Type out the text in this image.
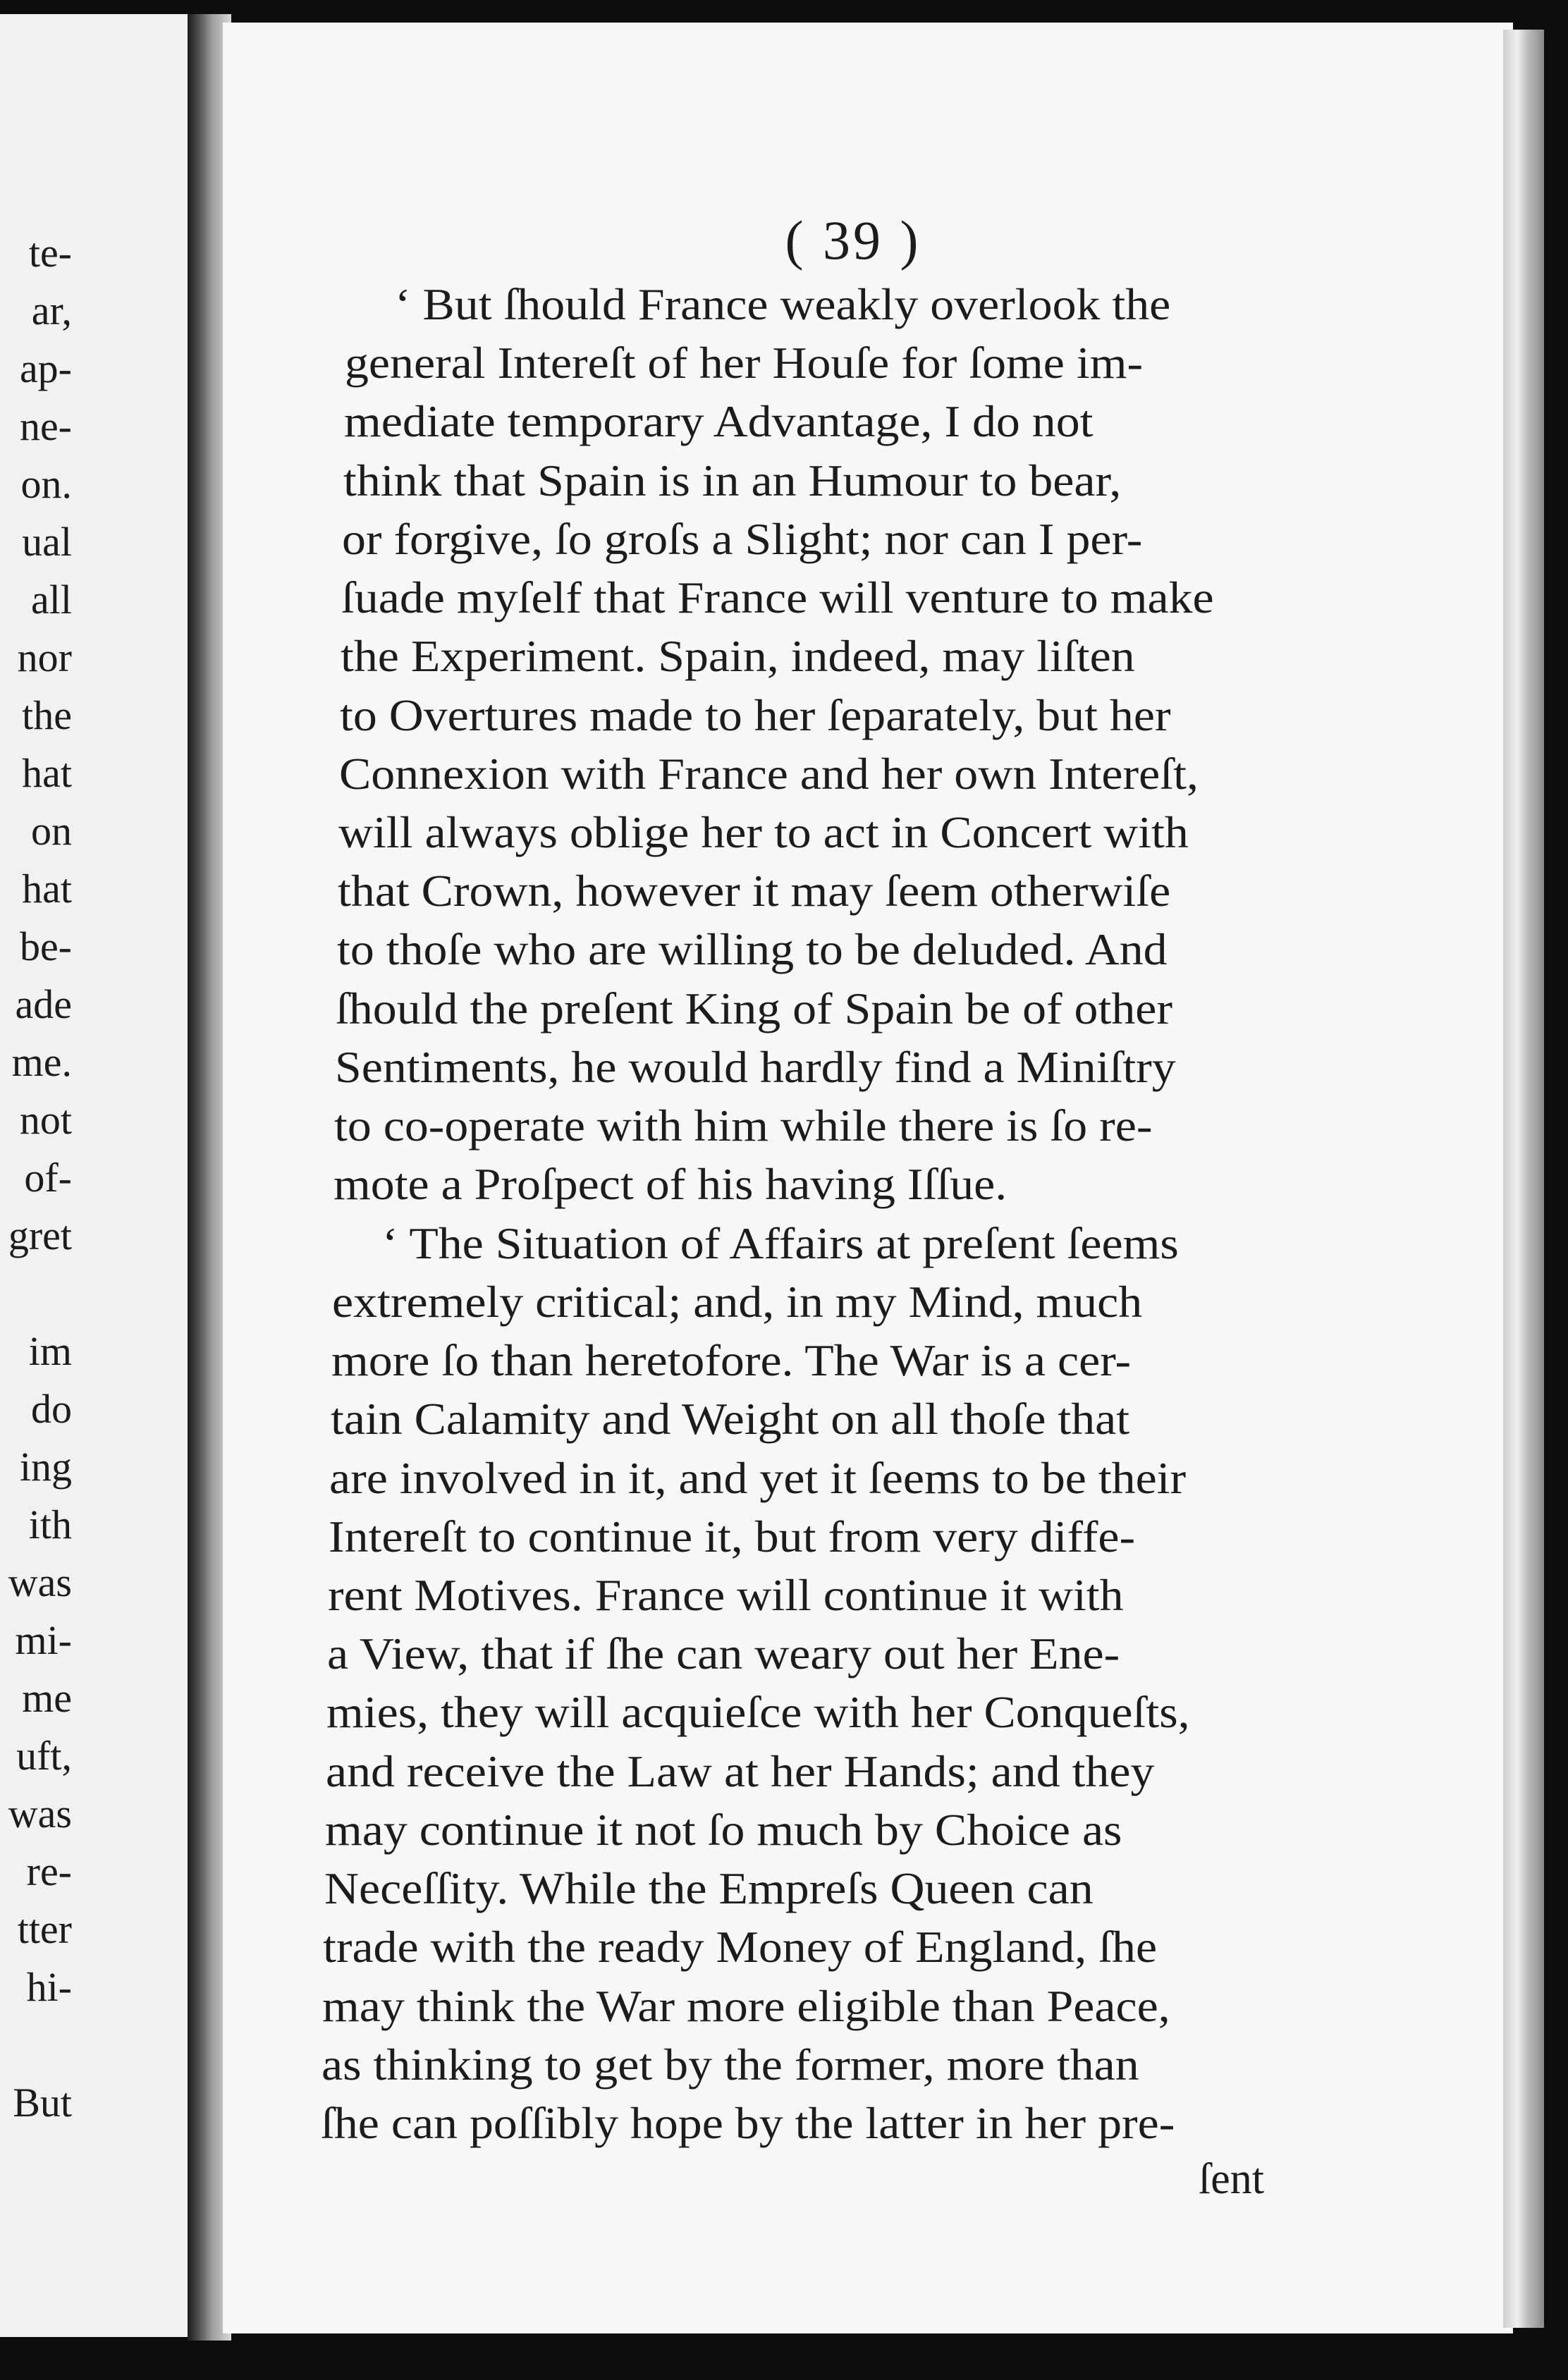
te-
ar,
ap-
ne-
on.
ual
all
nor
the
hat
on
hat
be-
ade
me.
not
of-
gret
im
do
ing
ith
was
mi-
me
uft,
was
re-
tter
hi-
But
( 39 )
‘ But ſhould France weakly overlook the
general Intereſt of her Houſe for ſome im-
mediate temporary Advantage, I do not
think that Spain is in an Humour to bear,
or forgive, ſo groſs a Slight; nor can I per-
ſuade myſelf that France will venture to make
the Experiment. Spain, indeed, may liſten
to Overtures made to her ſeparately, but her
Connexion with France and her own Intereſt,
will always oblige her to act in Concert with
that Crown, however it may ſeem otherwiſe
to thoſe who are willing to be deluded. And
ſhould the preſent King of Spain be of other
Sentiments, he would hardly find a Miniſtry
to co-operate with him while there is ſo re-
mote a Proſpect of his having Iſſue.
‘ The Situation of Affairs at preſent ſeems
extremely critical; and, in my Mind, much
more ſo than heretofore. The War is a cer-
tain Calamity and Weight on all thoſe that
are involved in it, and yet it ſeems to be their
Intereſt to continue it, but from very diffe-
rent Motives. France will continue it with
a View, that if ſhe can weary out her Ene-
mies, they will acquieſce with her Conqueſts,
and receive the Law at her Hands; and they
may continue it not ſo much by Choice as
Neceſſity. While the Empreſs Queen can
trade with the ready Money of England, ſhe
may think the War more eligible than Peace,
as thinking to get by the former, more than
ſhe can poſſibly hope by the latter in her pre-
ſent
